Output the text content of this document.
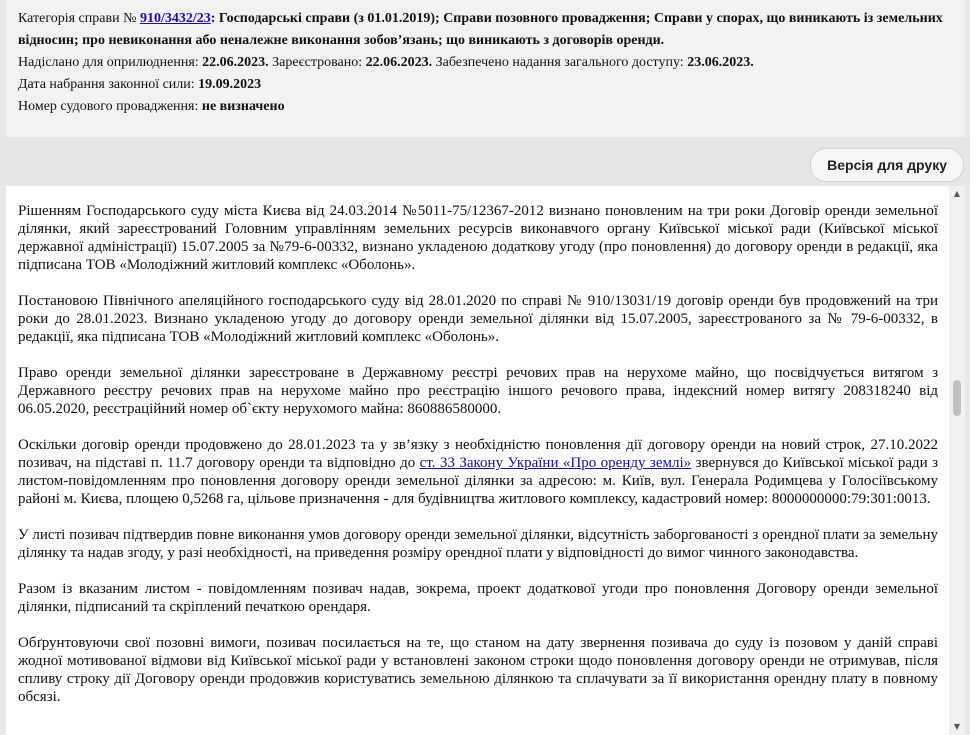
Категорія справи № 910/3432/23: Господарські справи (з 01.01.2019); Справи позовного провадження; Справи у спорах, що виникають із земельних відносин; про невиконання або неналежне виконання зобов’язань; що виникають з договорів оренди.

Надіслано для оприлюднення: 22.06.2023. Зареєстровано: 22.06.2023. Забезпечено надання загального доступу: 23.06.2023.

Дата набрання законної сили: 19.09.2023

Номер судового провадження: не визначено

Версія для друку

Рішенням Господарського суду міста Києва від 24.03.2014 №5011-75/12367-2012 визнано поновленим на три роки Договір оренди земельної ділянки, який зареєстрований Головним управлінням земельних ресурсів виконавчого органу Київської міської ради (Київської міської державної адміністрації) 15.07.2005 за №79-6-00332, визнано укладеною додаткову угоду (про поновлення) до договору оренди в редакції, яка підписана ТОВ «Молодіжний житловий комплекс «Оболонь».

Постановою Північного апеляційного господарського суду від 28.01.2020 по справі № 910/13031/19 договір оренди був продовжений на три роки до 28.01.2023. Визнано укладеною угоду до договору оренди земельної ділянки від 15.07.2005, зареєстрованого за № 79-6-00332, в редакції, яка підписана ТОВ «Молодіжний житловий комплекс «Оболонь».

Право оренди земельної ділянки зареєстроване в Державному реєстрі речових прав на нерухоме майно, що посвідчується витягом з Державного реєстру речових прав на нерухоме майно про реєстрацію іншого речового права, індексний номер витягу 208318240 від 06.05.2020, реєстраційний номер об`єкту нерухомого майна: 860886580000.

Оскільки договір оренди продовжено до 28.01.2023 та у зв’язку з необхідністю поновлення дії договору оренди на новий строк, 27.10.2022 позивач, на підставі п. 11.7 договору оренди та відповідно до ст. 33 Закону України «Про оренду землі» звернувся до Київської міської ради з листом-повідомленням про поновлення договору оренди земельної ділянки за адресою: м. Київ, вул. Генерала Родимцева у Голосіївському районі м. Києва, площею 0,5268 га, цільове призначення - для будівництва житлового комплексу, кадастровий номер: 8000000000:79:301:0013.

У листі позивач підтвердив повне виконання умов договору оренди земельної ділянки, відсутність заборгованості з орендної плати за земельну ділянку та надав згоду, у разі необхідності, на приведення розміру орендної плати у відповідності до вимог чинного законодавства.

Разом із вказаним листом - повідомленням позивач надав, зокрема, проект додаткової угоди про поновлення Договору оренди земельної ділянки, підписаний та скріплений печаткою орендаря.

Обґрунтовуючи свої позовні вимоги, позивач посилається на те, що станом на дату звернення позивача до суду із позовом у даній справі жодної мотивованої відмови від Київської міської ради у встановлені законом строки щодо поновлення договору оренди не отримував, після спливу строку дії Договору оренди продовжив користуватись земельною ділянкою та сплачувати за її використання орендну плату в повному обсязі.

▲
▼
